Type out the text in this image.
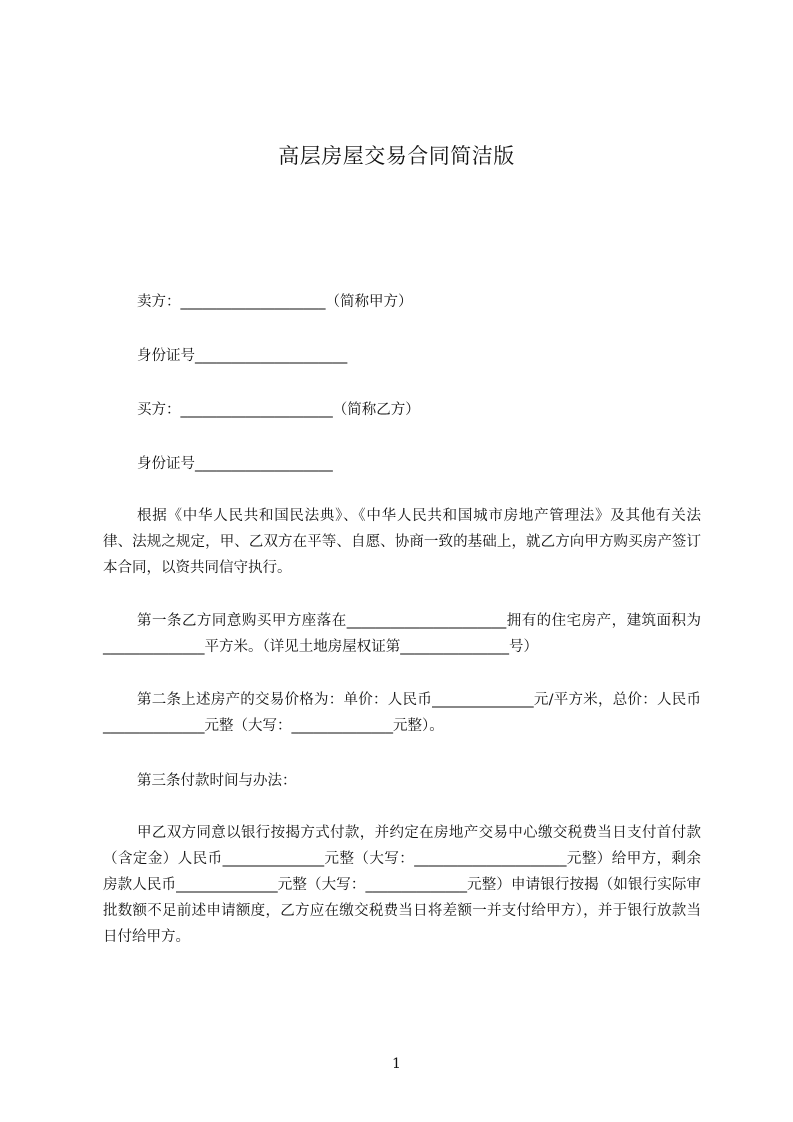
高层房屋交易合同简洁版
卖方：____________________（简称甲方）
身份证号_____________________
买方：_____________________（简称乙方）
身份证号___________________
根据《中华人民共和国民法典》、《中华人民共和国城市房地产管理法》及其他有关法律、法规之规定，甲、乙双方在平等、自愿、协商一致的基础上，就乙方向甲方购买房产签订本合同，以资共同信守执行。
第一条乙方同意购买甲方座落在______________________拥有的住宅房产，建筑面积为______________平方米。（详见土地房屋权证第_______________号）
第二条上述房产的交易价格为：单价：人民币______________元/平方米，总价：人民币______________元整（大写：______________元整）。
第三条付款时间与办法：
甲乙双方同意以银行按揭方式付款，并约定在房地产交易中心缴交税费当日支付首付款（含定金）人民币______________元整（大写：_____________________元整）给甲方，剩余房款人民币______________元整（大写：______________元整）申请银行按揭（如银行实际审批数额不足前述申请额度，乙方应在缴交税费当日将差额一并支付给甲方），并于银行放款当日付给甲方。
1
